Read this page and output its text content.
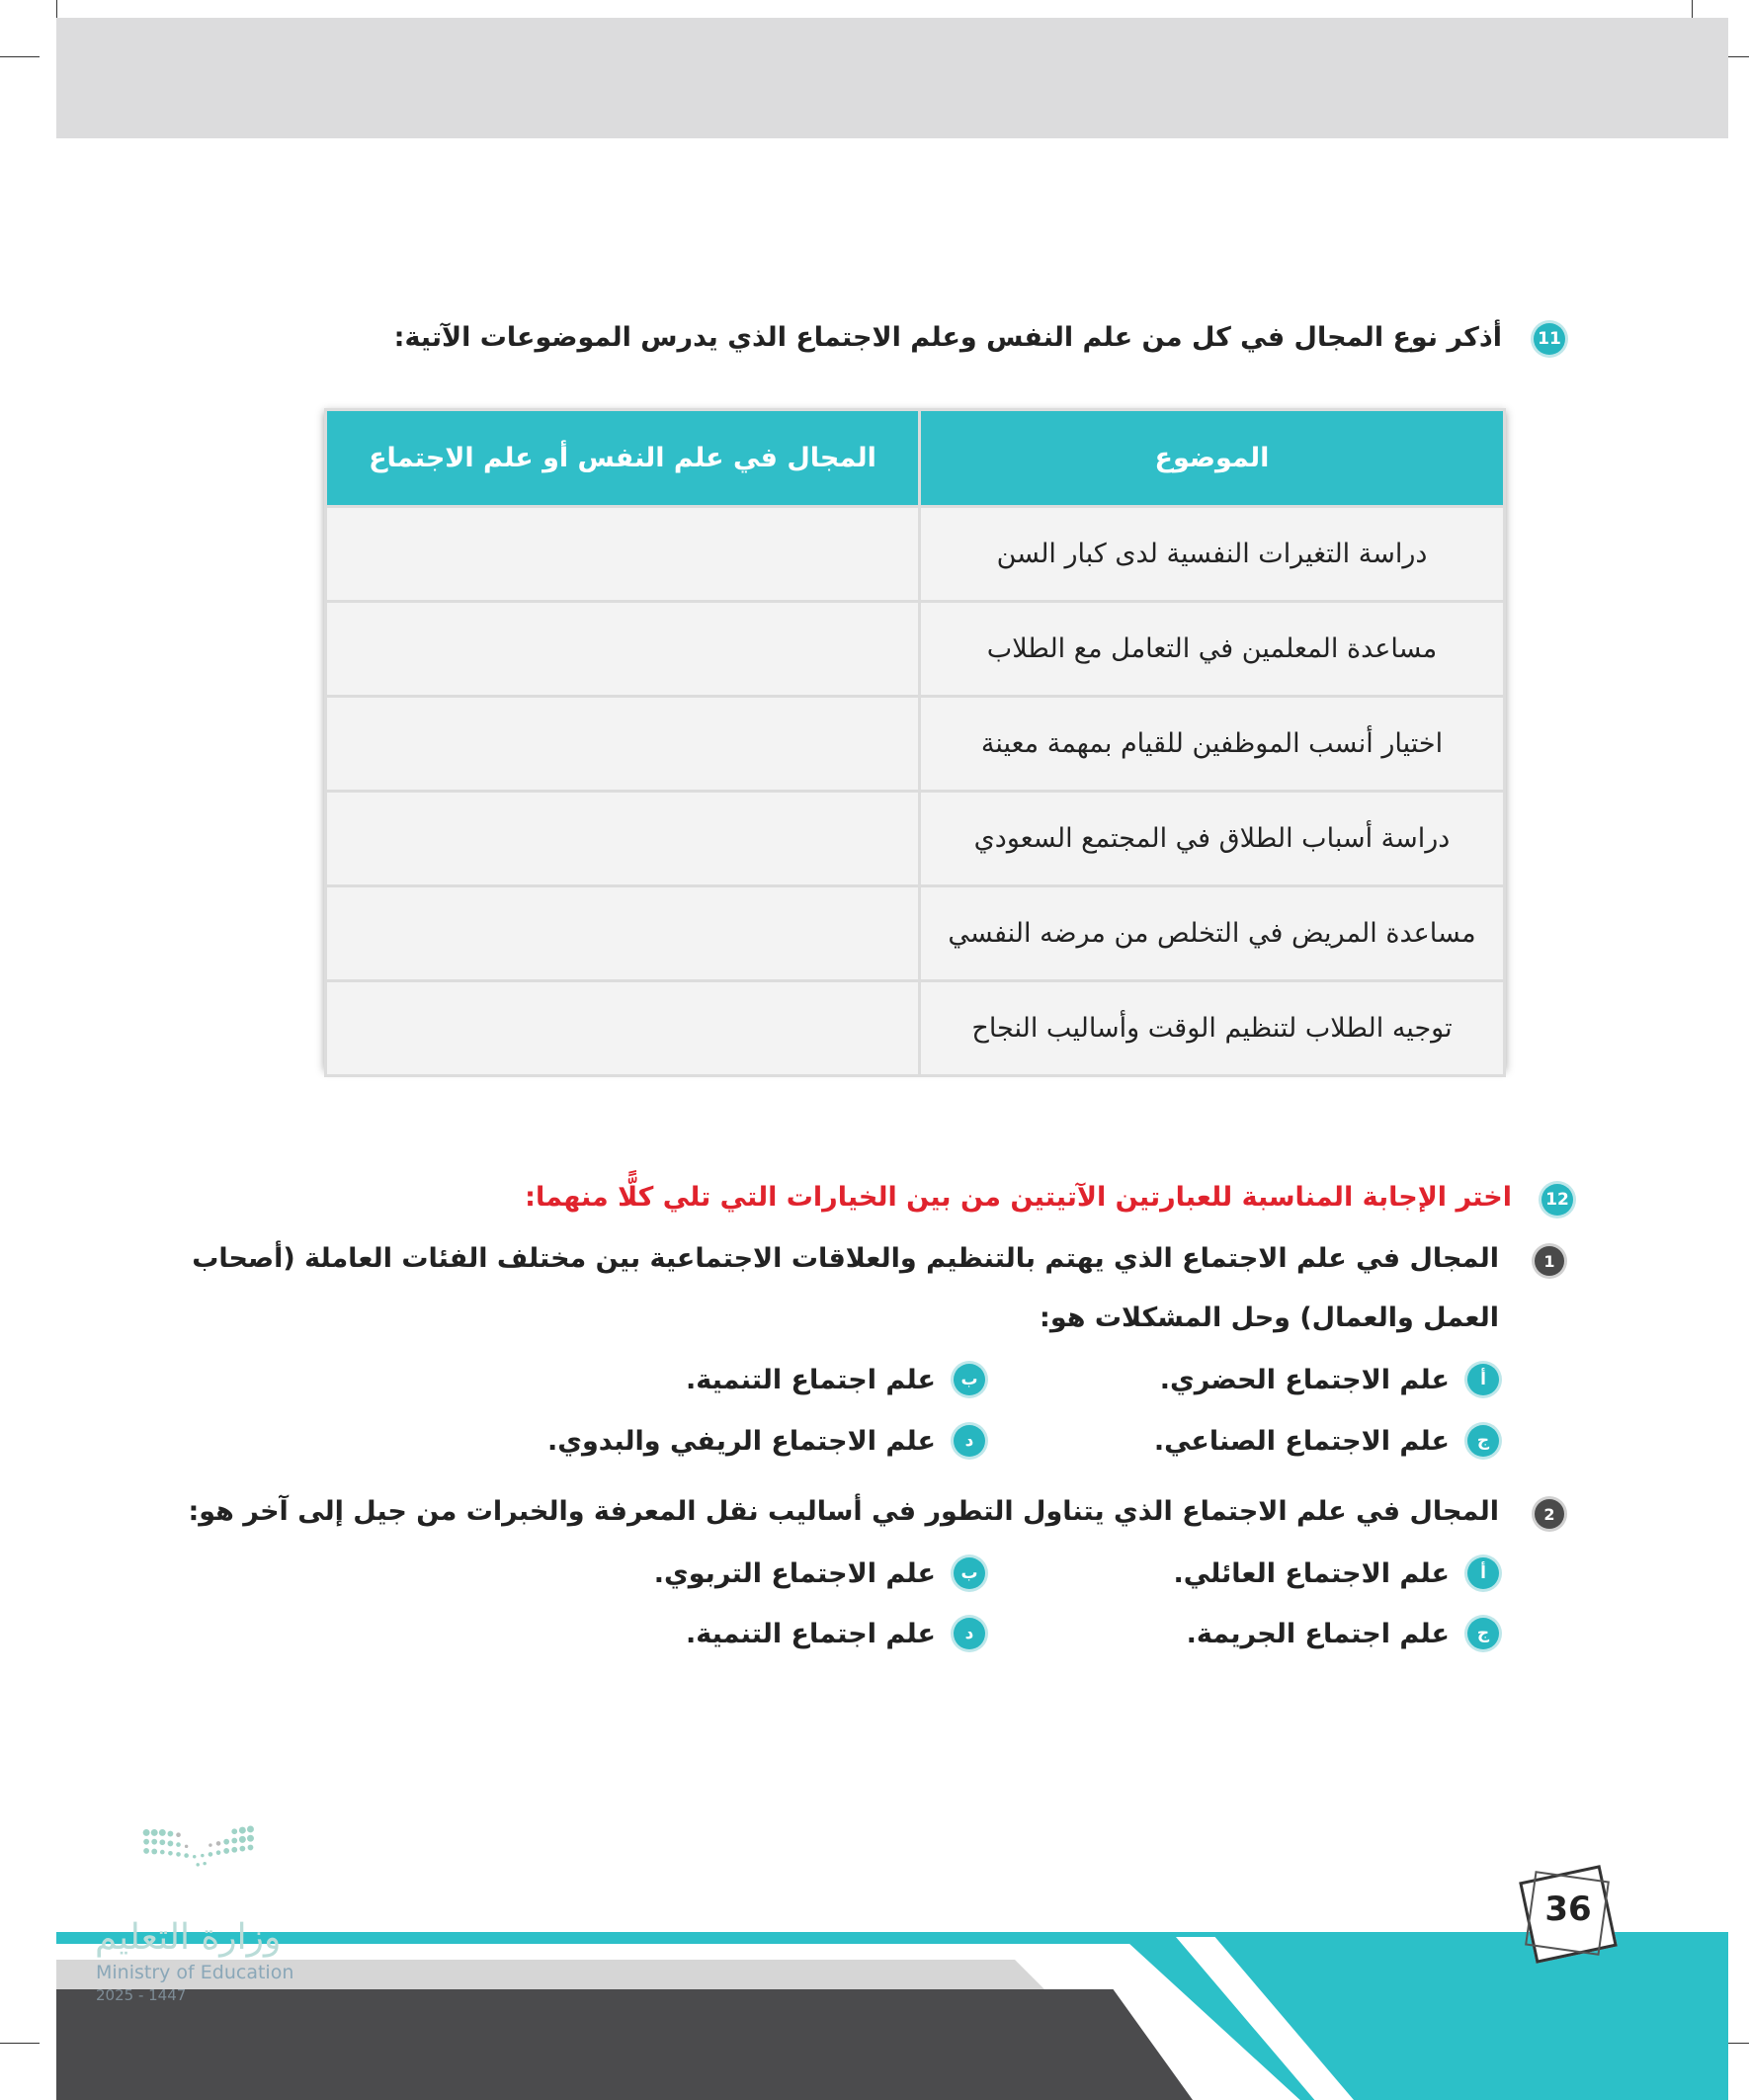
11
أذكر نوع المجال في كل من علم النفس وعلم الاجتماع الذي يدرس الموضوعات الآتية:
الموضوع	المجال في علم النفس أو علم الاجتماع
دراسة التغيرات النفسية لدى كبار السن	
مساعدة المعلمين في التعامل مع الطلاب	
اختيار أنسب الموظفين للقيام بمهمة معينة	
دراسة أسباب الطلاق في المجتمع السعودي	
مساعدة المريض في التخلص من مرضه النفسي	
توجيه الطلاب لتنظيم الوقت وأساليب النجاح	
12
اختر الإجابة المناسبة للعبارتين الآتيتين من بين الخيارات التي تلي كلًّا منهما:
1
المجال في علم الاجتماع الذي يهتم بالتنظيم والعلاقات الاجتماعية بين مختلف الفئات العاملة (أصحاب
العمل والعمال) وحل المشكلات هو:
أ
علم الاجتماع الحضري.
ب
علم اجتماع التنمية.
ج
علم الاجتماع الصناعي.
د
علم الاجتماع الريفي والبدوي.
2
المجال في علم الاجتماع الذي يتناول التطور في أساليب نقل المعرفة والخبرات من جيل إلى آخر هو:
أ
علم الاجتماع العائلي.
ب
علم الاجتماع التربوي.
ج
علم اجتماع الجريمة.
د
علم اجتماع التنمية.
36
وزارة التعليم
Ministry of Education
2025 - 1447
